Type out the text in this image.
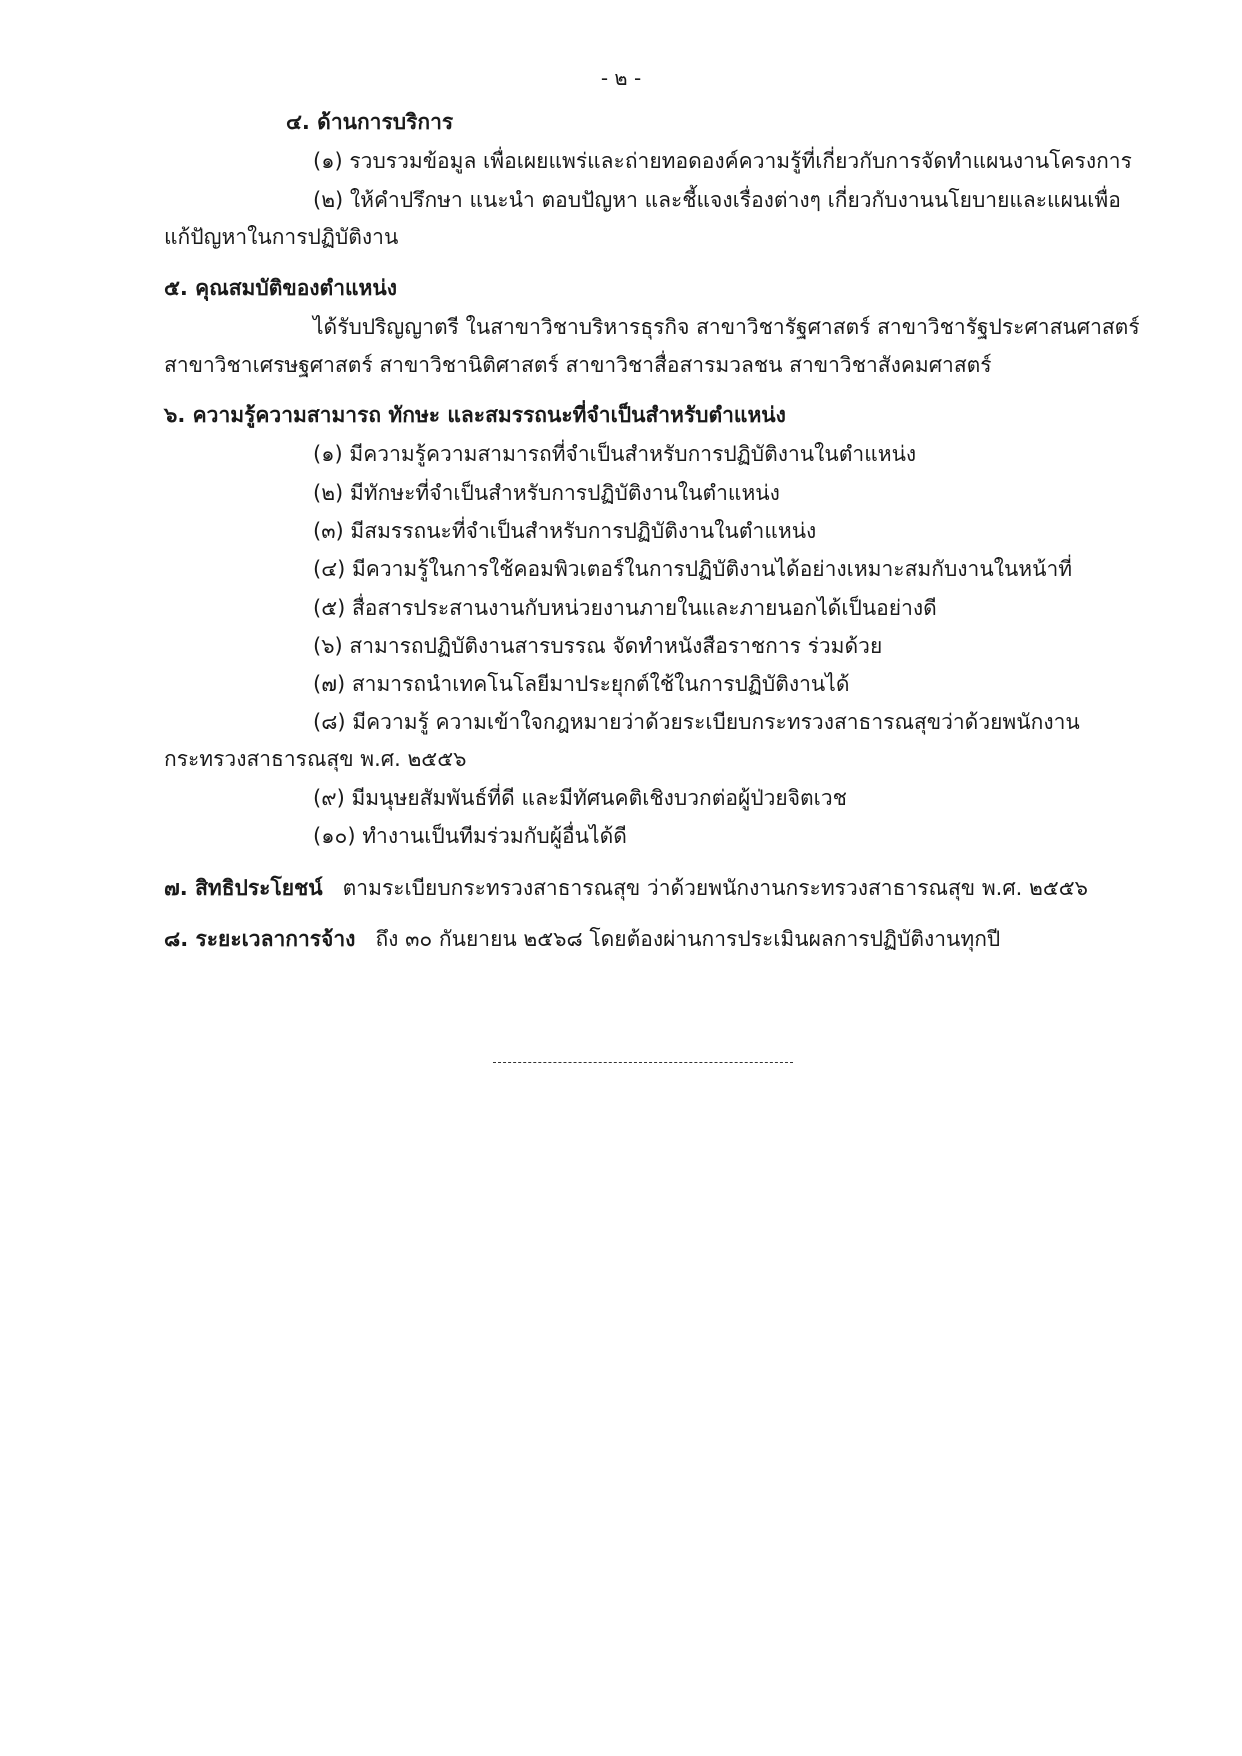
- ๒ -
๔. ด้านการบริการ
(๑) รวบรวมข้อมูล เพื่อเผยแพร่และถ่ายทอดองค์ความรู้ที่เกี่ยวกับการจัดทำแผนงานโครงการ
(๒) ให้คำปรึกษา แนะนำ ตอบปัญหา และชี้แจงเรื่องต่างๆ เกี่ยวกับงานนโยบายและแผนเพื่อ
แก้ปัญหาในการปฏิบัติงาน
๕. คุณสมบัติของตำแหน่ง
ได้รับปริญญาตรี ในสาขาวิชาบริหารธุรกิจ สาขาวิชารัฐศาสตร์ สาขาวิชารัฐประศาสนศาสตร์
สาขาวิชาเศรษฐศาสตร์ สาขาวิชานิติศาสตร์ สาขาวิชาสื่อสารมวลชน สาขาวิชาสังคมศาสตร์
๖. ความรู้ความสามารถ ทักษะ และสมรรถนะที่จำเป็นสำหรับตำแหน่ง
(๑) มีความรู้ความสามารถที่จำเป็นสำหรับการปฏิบัติงานในตำแหน่ง
(๒) มีทักษะที่จำเป็นสำหรับการปฏิบัติงานในตำแหน่ง
(๓) มีสมรรถนะที่จำเป็นสำหรับการปฏิบัติงานในตำแหน่ง
(๔) มีความรู้ในการใช้คอมพิวเตอร์ในการปฏิบัติงานได้อย่างเหมาะสมกับงานในหน้าที่
(๕) สื่อสารประสานงานกับหน่วยงานภายในและภายนอกได้เป็นอย่างดี
(๖) สามารถปฏิบัติงานสารบรรณ จัดทำหนังสือราชการ ร่วมด้วย
(๗) สามารถนำเทคโนโลยีมาประยุกต์ใช้ในการปฏิบัติงานได้
(๘) มีความรู้ ความเข้าใจกฎหมายว่าด้วยระเบียบกระทรวงสาธารณสุขว่าด้วยพนักงาน
กระทรวงสาธารณสุข พ.ศ. ๒๕๕๖
(๙) มีมนุษยสัมพันธ์ที่ดี และมีทัศนคติเชิงบวกต่อผู้ป่วยจิตเวช
(๑๐) ทำงานเป็นทีมร่วมกับผู้อื่นได้ดี
๗. สิทธิประโยชน์ ตามระเบียบกระทรวงสาธารณสุข ว่าด้วยพนักงานกระทรวงสาธารณสุข พ.ศ. ๒๕๕๖
๘. ระยะเวลาการจ้าง ถึง ๓๐ กันยายน ๒๕๖๘ โดยต้องผ่านการประเมินผลการปฏิบัติงานทุกปี
